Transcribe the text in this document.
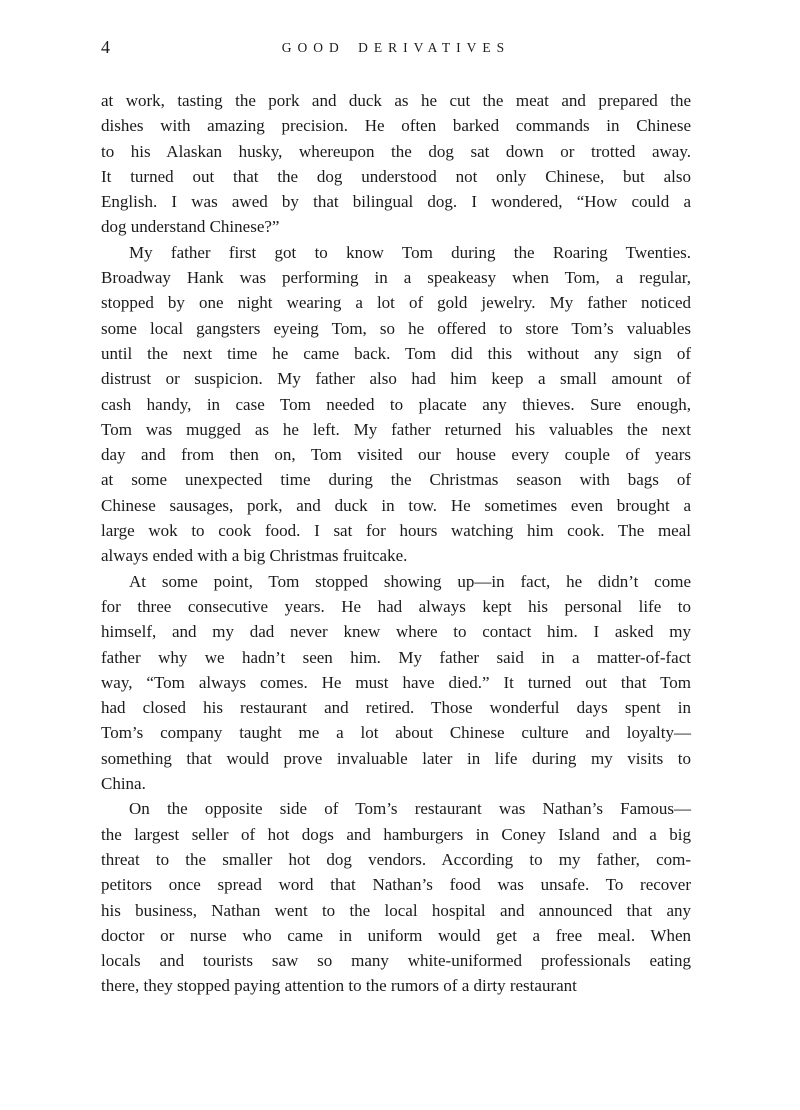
4	GOOD DERIVATIVES
at work, tasting the pork and duck as he cut the meat and prepared the
dishes with amazing precision. He often barked commands in Chinese
to his Alaskan husky, whereupon the dog sat down or trotted away.
It turned out that the dog understood not only Chinese, but also
English. I was awed by that bilingual dog. I wondered, “How could a
dog understand Chinese?”
My father first got to know Tom during the Roaring Twenties.
Broadway Hank was performing in a speakeasy when Tom, a regular,
stopped by one night wearing a lot of gold jewelry. My father noticed
some local gangsters eyeing Tom, so he offered to store Tom’s valuables
until the next time he came back. Tom did this without any sign of
distrust or suspicion. My father also had him keep a small amount of
cash handy, in case Tom needed to placate any thieves. Sure enough,
Tom was mugged as he left. My father returned his valuables the next
day and from then on, Tom visited our house every couple of years
at some unexpected time during the Christmas season with bags of
Chinese sausages, pork, and duck in tow. He sometimes even brought a
large wok to cook food. I sat for hours watching him cook. The meal
always ended with a big Christmas fruitcake.
At some point, Tom stopped showing up—in fact, he didn’t come
for three consecutive years. He had always kept his personal life to
himself, and my dad never knew where to contact him. I asked my
father why we hadn’t seen him. My father said in a matter-of-fact
way, “Tom always comes. He must have died.” It turned out that Tom
had closed his restaurant and retired. Those wonderful days spent in
Tom’s company taught me a lot about Chinese culture and loyalty—
something that would prove invaluable later in life during my visits to
China.
On the opposite side of Tom’s restaurant was Nathan’s Famous—
the largest seller of hot dogs and hamburgers in Coney Island and a big
threat to the smaller hot dog vendors. According to my father, com-
petitors once spread word that Nathan’s food was unsafe. To recover
his business, Nathan went to the local hospital and announced that any
doctor or nurse who came in uniform would get a free meal. When
locals and tourists saw so many white-uniformed professionals eating
there, they stopped paying attention to the rumors of a dirty restaurant
